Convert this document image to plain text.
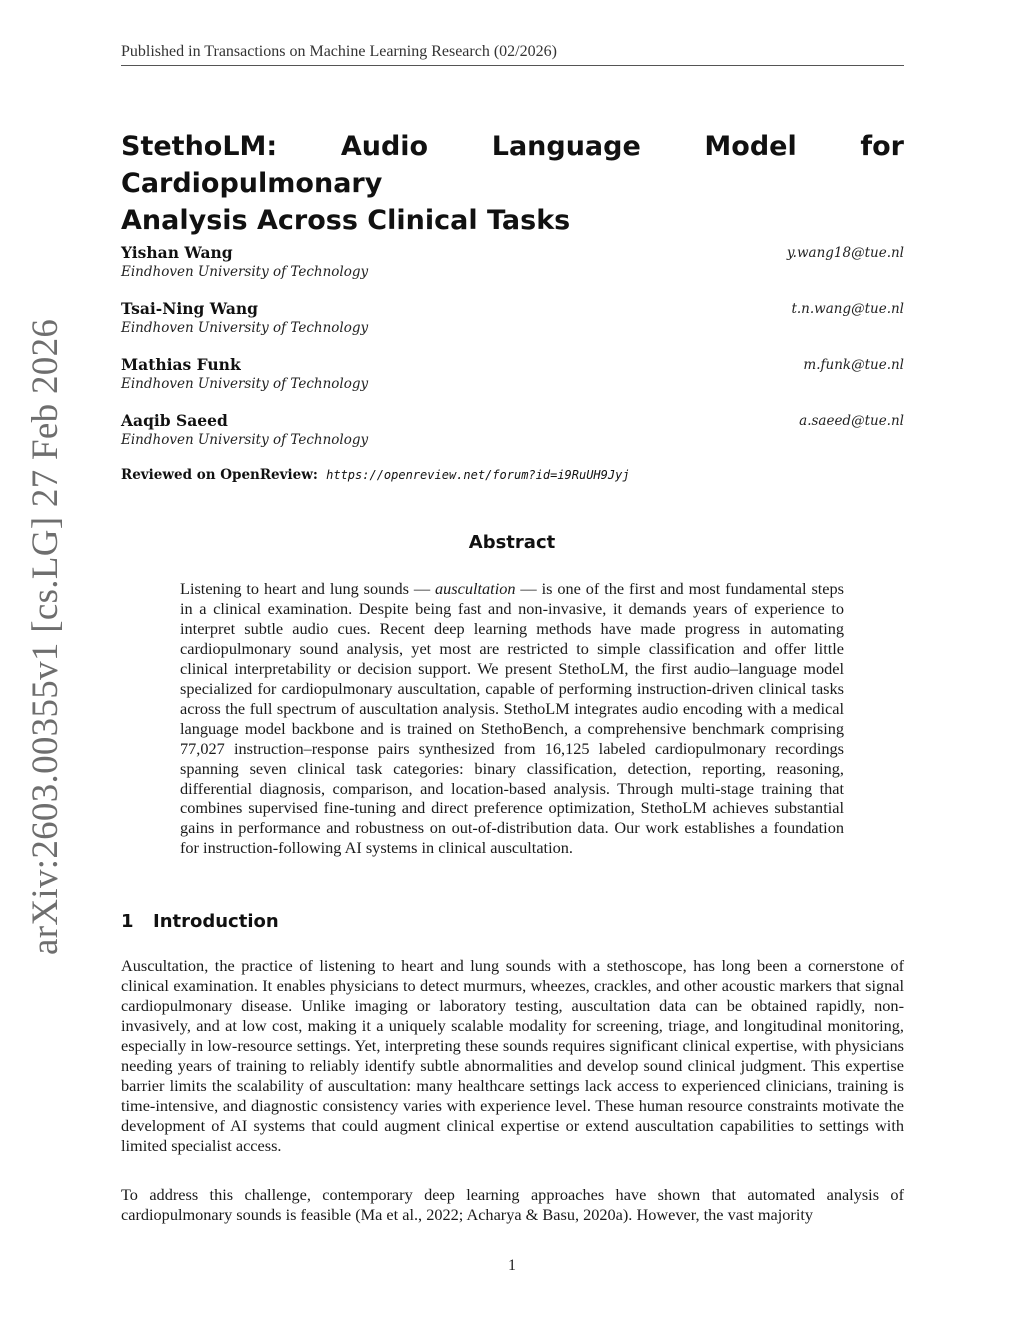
Published in Transactions on Machine Learning Research (02/2026)
arXiv:2603.00355v1 [cs.LG] 27 Feb 2026
StethoLM: Audio Language Model for Cardiopulmonary
Analysis Across Clinical Tasks
Yishan Wang
Eindhoven University of Technology
y.wang18@tue.nl
Tsai-Ning Wang
Eindhoven University of Technology
t.n.wang@tue.nl
Mathias Funk
Eindhoven University of Technology
m.funk@tue.nl
Aaqib Saeed
Eindhoven University of Technology
a.saeed@tue.nl
Reviewed on OpenReview: https://openreview.net/forum?id=i9RuUH9Jyj
Abstract

Listening to heart and lung sounds — auscultation — is one of the first and most fundamental steps in a clinical examination. Despite being fast and non-invasive, it demands years of experience to interpret subtle audio cues. Recent deep learning methods have made progress in automating cardiopulmonary sound analysis, yet most are restricted to simple classification and offer little clinical interpretability or decision support. We present StethoLM, the first audio–language model specialized for cardiopulmonary auscultation, capable of performing instruction-driven clinical tasks across the full spectrum of auscultation analysis. StethoLM integrates audio encoding with a medical language model backbone and is trained on StethoBench, a comprehensive benchmark comprising 77,027 instruction–response pairs synthesized from 16,125 labeled cardiopulmonary recordings spanning seven clinical task categories: binary classification, detection, reporting, reasoning, differential diagnosis, comparison, and location-based analysis. Through multi-stage training that combines supervised fine-tuning and direct preference optimization, StethoLM achieves substantial gains in performance and robustness on out-of-distribution data. Our work establishes a foundation for instruction-following AI systems in clinical auscultation.

1 Introduction

Auscultation, the practice of listening to heart and lung sounds with a stethoscope, has long been a cornerstone of clinical examination. It enables physicians to detect murmurs, wheezes, crackles, and other acoustic markers that signal cardiopulmonary disease. Unlike imaging or laboratory testing, auscultation data can be obtained rapidly, non-invasively, and at low cost, making it a uniquely scalable modality for screening, triage, and longitudinal monitoring, especially in low-resource settings. Yet, interpreting these sounds requires significant clinical expertise, with physicians needing years of training to reliably identify subtle abnormalities and develop sound clinical judgment. This expertise barrier limits the scalability of auscultation: many healthcare settings lack access to experienced clinicians, training is time-intensive, and diagnostic consistency varies with experience level. These human resource constraints motivate the development of AI systems that could augment clinical expertise or extend auscultation capabilities to settings with limited specialist access.

To address this challenge, contemporary deep learning approaches have shown that automated analysis of cardiopulmonary sounds is feasible (Ma et al., 2022; Acharya & Basu, 2020a). However, the vast majority

1
